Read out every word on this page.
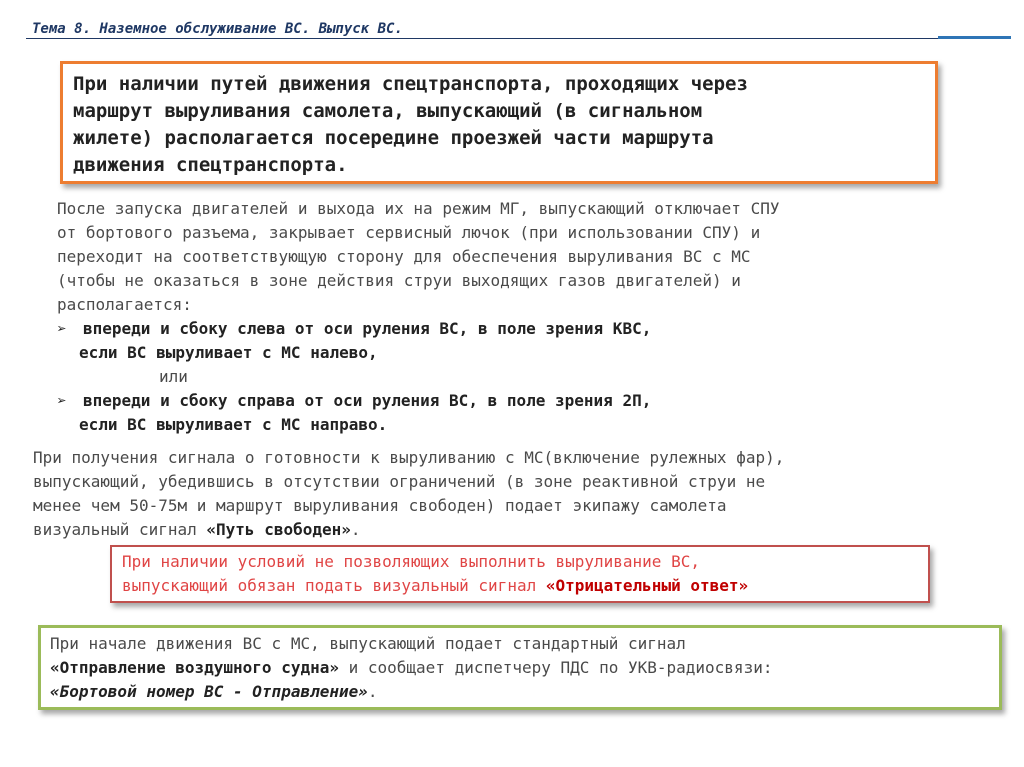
Тема 8. Наземное обслуживание ВС. Выпуск ВС.

При наличии путей движения спецтранспорта, проходящих через

маршрут выруливания самолета, выпускающий (в сигнальном

жилете) располагается посередине проезжей части маршрута

движения спецтранспорта.

После запуска двигателей и выхода их на режим МГ, выпускающий отключает СПУ
от бортового разъема, закрывает сервисный лючок (при использовании СПУ) и
переходит на соответствующую сторону для обеспечения выруливания ВС с МС
(чтобы не оказаться в зоне действия струи выходящих газов двигателей) и
располагается:
➢ впереди и сбоку слева от оси руления ВС, в поле зрения КВС,
если ВС выруливает с МС налево,
или
➢ впереди и сбоку справа от оси руления ВС, в поле зрения 2П,
если ВС выруливает с МС направо.
При получения сигнала о готовности к выруливанию с МС(включение рулежных фар),
выпускающий, убедившись в отсутствии ограничений (в зоне реактивной струи не
менее чем 50-75м и маршрут выруливания свободен) подает экипажу самолета
визуальный сигнал «Путь свободен».

При наличии условий не позволяющих выполнить выруливание ВС,

выпускающий обязан подать визуальный сигнал «Отрицательный ответ»

При начале движения ВС с МС, выпускающий подает стандартный сигнал

«Отправление воздушного судна» и сообщает диспетчеру ПДС по УКВ-радиосвязи:

«Бортовой номер ВС - Отправление».
